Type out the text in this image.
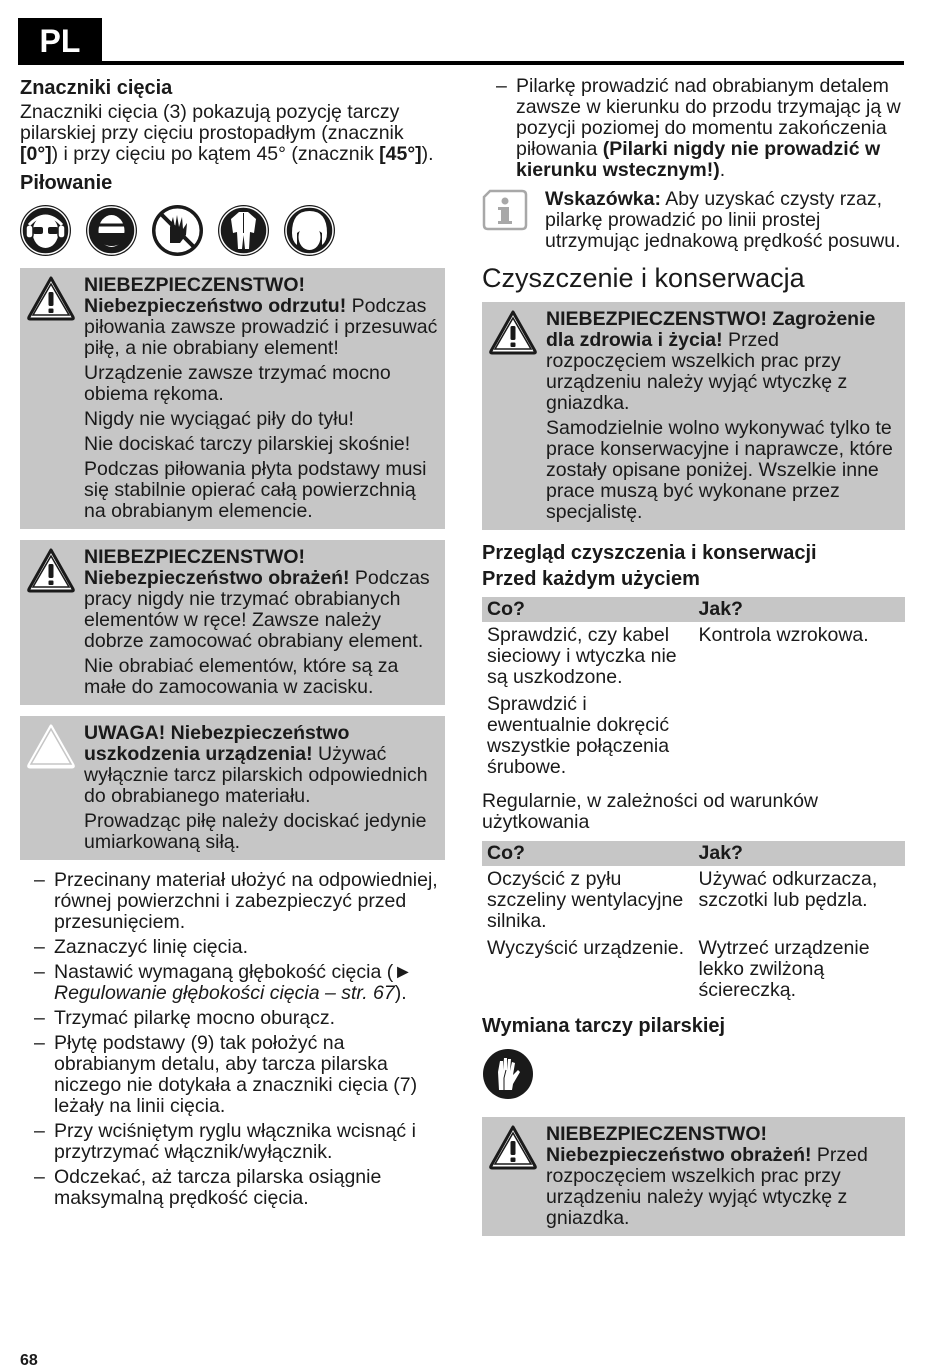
PL
Znaczniki cięcia

Znaczniki cięcia (3) pokazują pozycję tarczy pilarskiej przy cięciu prostopadłym (znacznik [0°]) i przy cięciu po kątem 45° (znacznik [45°]).

Piłowanie

NIEBEZPIECZENSTWO! Niebezpieczeństwo odrzutu! Podczas piłowania zawsze prowadzić i przesuwać piłę, a nie obrabiany element!

Urządzenie zawsze trzymać mocno obiema rękoma.

Nigdy nie wyciągać piły do tyłu!

Nie dociskać tarczy pilarskiej skośnie!

Podczas piłowania płyta podstawy musi się stabilnie opierać całą powierzchnią na obrabianym elemencie.

NIEBEZPIECZENSTWO! Niebezpieczeństwo obrażeń! Podczas pracy nigdy nie trzymać obrabianych elementów w ręce! Zawsze należy dobrze zamocować obrabiany element.

Nie obrabiać elementów, które są za małe do zamocowania w zacisku.

UWAGA! Niebezpieczeństwo uszkodzenia urządzenia! Używać wyłącznie tarcz pilarskich odpowiednich do obrabianego materiału.

Prowadząc piłę należy dociskać jedynie umiarkowaną siłą.

– Przecinany materiał ułożyć na odpowiedniej, równej powierzchni i zabezpieczyć przed przesunięciem.
– Zaznaczyć linię cięcia.
– Nastawić wymaganą głębokość cięcia (► Regulowanie głębokości cięcia – str. 67).
– Trzymać pilarkę mocno oburącz.
– Płytę podstawy (9) tak położyć na obrabianym detalu, aby tarcza pilarska niczego nie dotykała a znaczniki cięcia (7) leżały na linii cięcia.
– Przy wciśniętym ryglu włącznika wcisnąć i przytrzymać włącznik/wyłącznik.
– Odczekać, aż tarcza pilarska osiągnie maksymalną prędkość cięcia.
– Pilarkę prowadzić nad obrabianym detalem zawsze w kierunku do przodu trzymając ją w pozycji poziomej do momentu zakończenia piłowania (Pilarki nigdy nie prowadzić w kierunku wstecznym!).
Wskazówka: Aby uzyskać czysty rzaz, pilarkę prowadzić po linii prostej utrzymując jednakową prędkość posuwu.
Czyszczenie i konserwacja

NIEBEZPIECZENSTWO! Zagrożenie dla zdrowia i życia! Przed rozpoczęciem wszelkich prac przy urządzeniu należy wyjąć wtyczkę z gniazdka.

Samodzielnie wolno wykonywać tylko te prace konserwacyjne i naprawcze, które zostały opisane poniżej. Wszelkie inne prace muszą być wykonane przez specjalistę.

Przegląd czyszczenia i konserwacji
Przed każdym użyciem
Co?	Jak?
Sprawdzić, czy kabel sieciowy i wtyczka nie są uszkodzone.	Kontrola wzrokowa.
Sprawdzić i ewentualnie dokręcić wszystkie połączenia śrubowe.	

Regularnie, w zależności od warunków użytkowania

Co?	Jak?
Oczyścić z pyłu szczeliny wentylacyjne silnika.	Używać odkurzacza, szczotki lub pędzla.
Wyczyścić urządzenie.	Wytrzeć urządzenie lekko zwilżoną ściereczką.
Wymiana tarczy pilarskiej

NIEBEZPIECZENSTWO! Niebezpieczeństwo obrażeń! Przed rozpoczęciem wszelkich prac przy urządzeniu należy wyjąć wtyczkę z gniazdka.

68
